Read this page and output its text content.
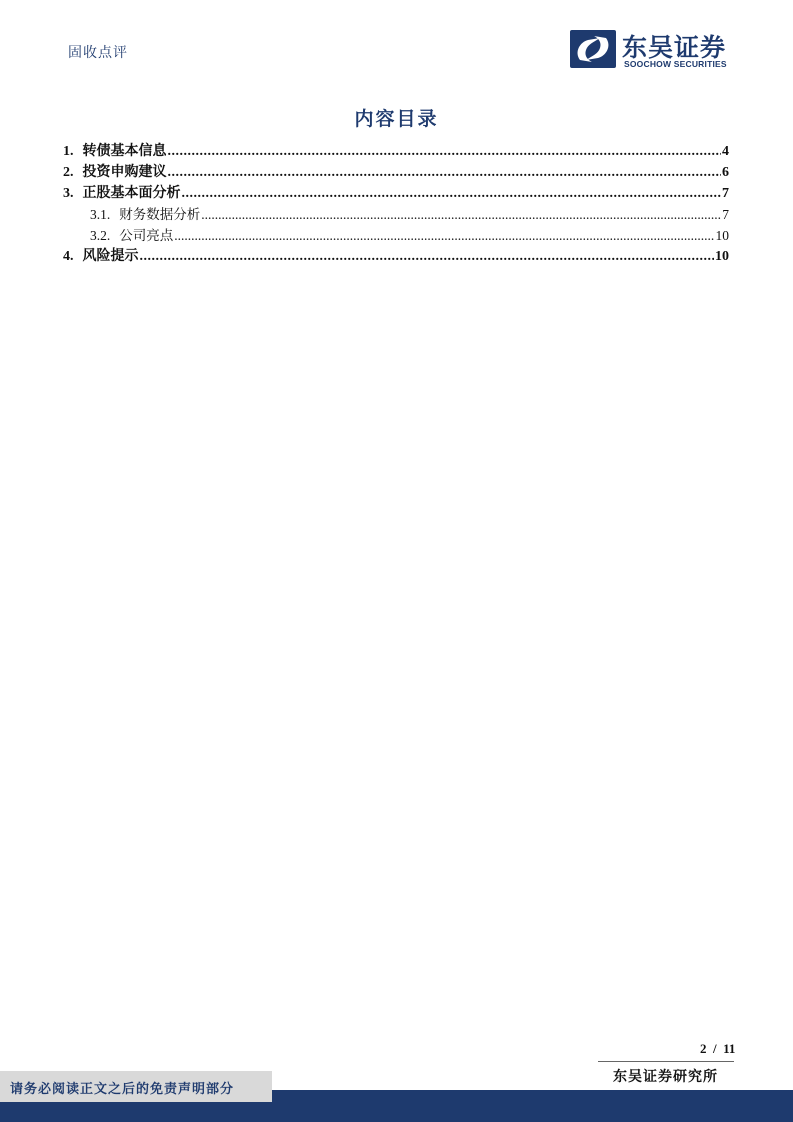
固收点评	东吴证券
SOOCHOW SECURITIES
内容目录
1. 转债基本信息 .....	4
2. 投资申购建议 .....	6
3. 正股基本面分析 .....	7
3.1. 财务数据分析 .....	7
3.2. 公司亮点 .....	10
4. 风险提示 .....	10
2  /  11
东吴证券研究所
请务必阅读正文之后的免责声明部分
